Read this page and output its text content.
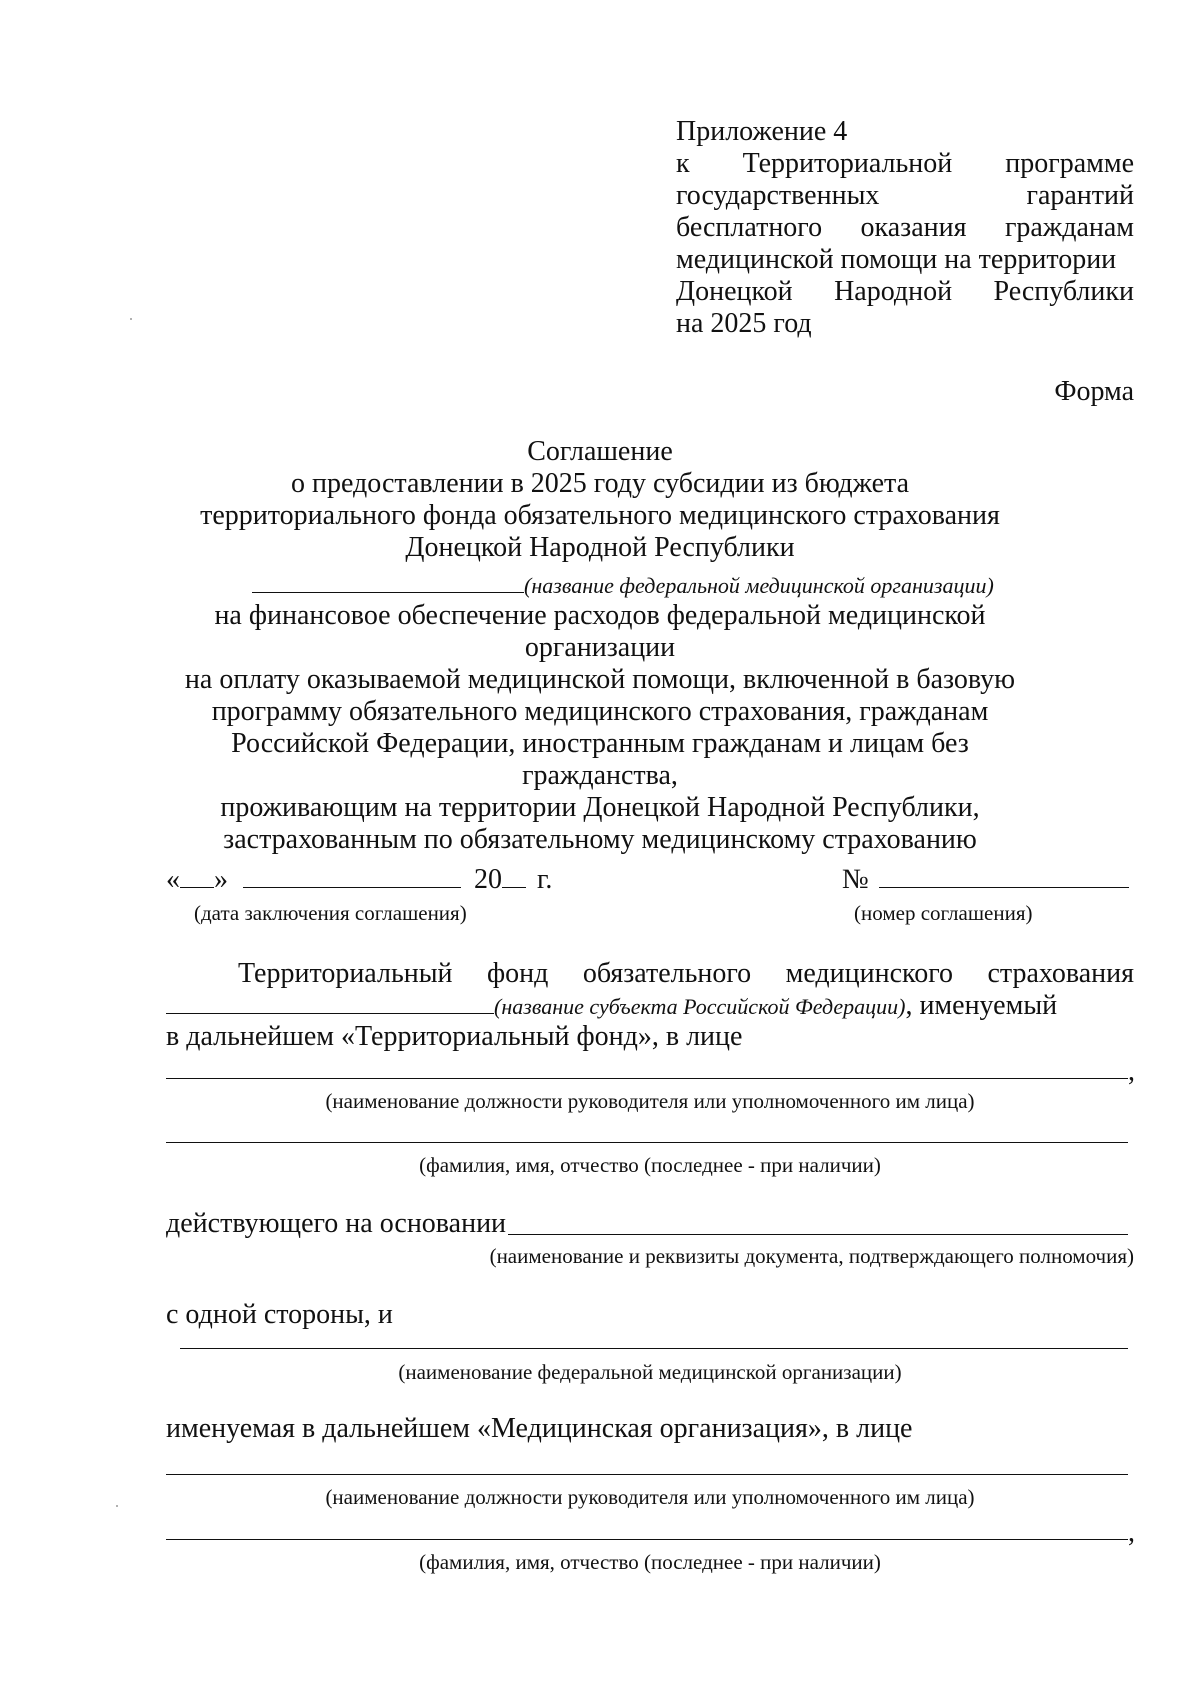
Приложение 4
к Территориальной программе
государственных	гарантий
бесплатного оказания гражданам
медицинской помощи на территории
Донецкой Народной Республики
на 2025 год
Форма
Соглашение
о предоставлении в 2025 году субсидии из бюджета
территориального фонда обязательного медицинского страхования
Донецкой Народной Республики
(название федеральной медицинской организации)
на финансовое обеспечение расходов федеральной медицинской организации
на оплату оказываемой медицинской помощи, включенной в базовую
программу обязательного медицинского страхования, гражданам
Российской Федерации, иностранным гражданам и лицам без гражданства,
проживающим на территории Донецкой Народной Республики,
застрахованным по обязательному медицинскому страхованию
« »	20 г.
(дата заключения соглашения)
№
(номер соглашения)
Территориальный фонд обязательного медицинского страхования
(название субъекта Российской Федерации) , именуемый
в дальнейшем «Территориальный фонд», в лице
,
(наименование должности руководителя или уполномоченного им лица)
(фамилия, имя, отчество (последнее - при наличии)
действующего на основании
(наименование и реквизиты документа, подтверждающего полномочия)
с одной стороны, и
(наименование федеральной медицинской организации)
именуемая в дальнейшем «Медицинская организация», в лице
(наименование должности руководителя или уполномоченного им лица)
,
(фамилия, имя, отчество (последнее - при наличии)
